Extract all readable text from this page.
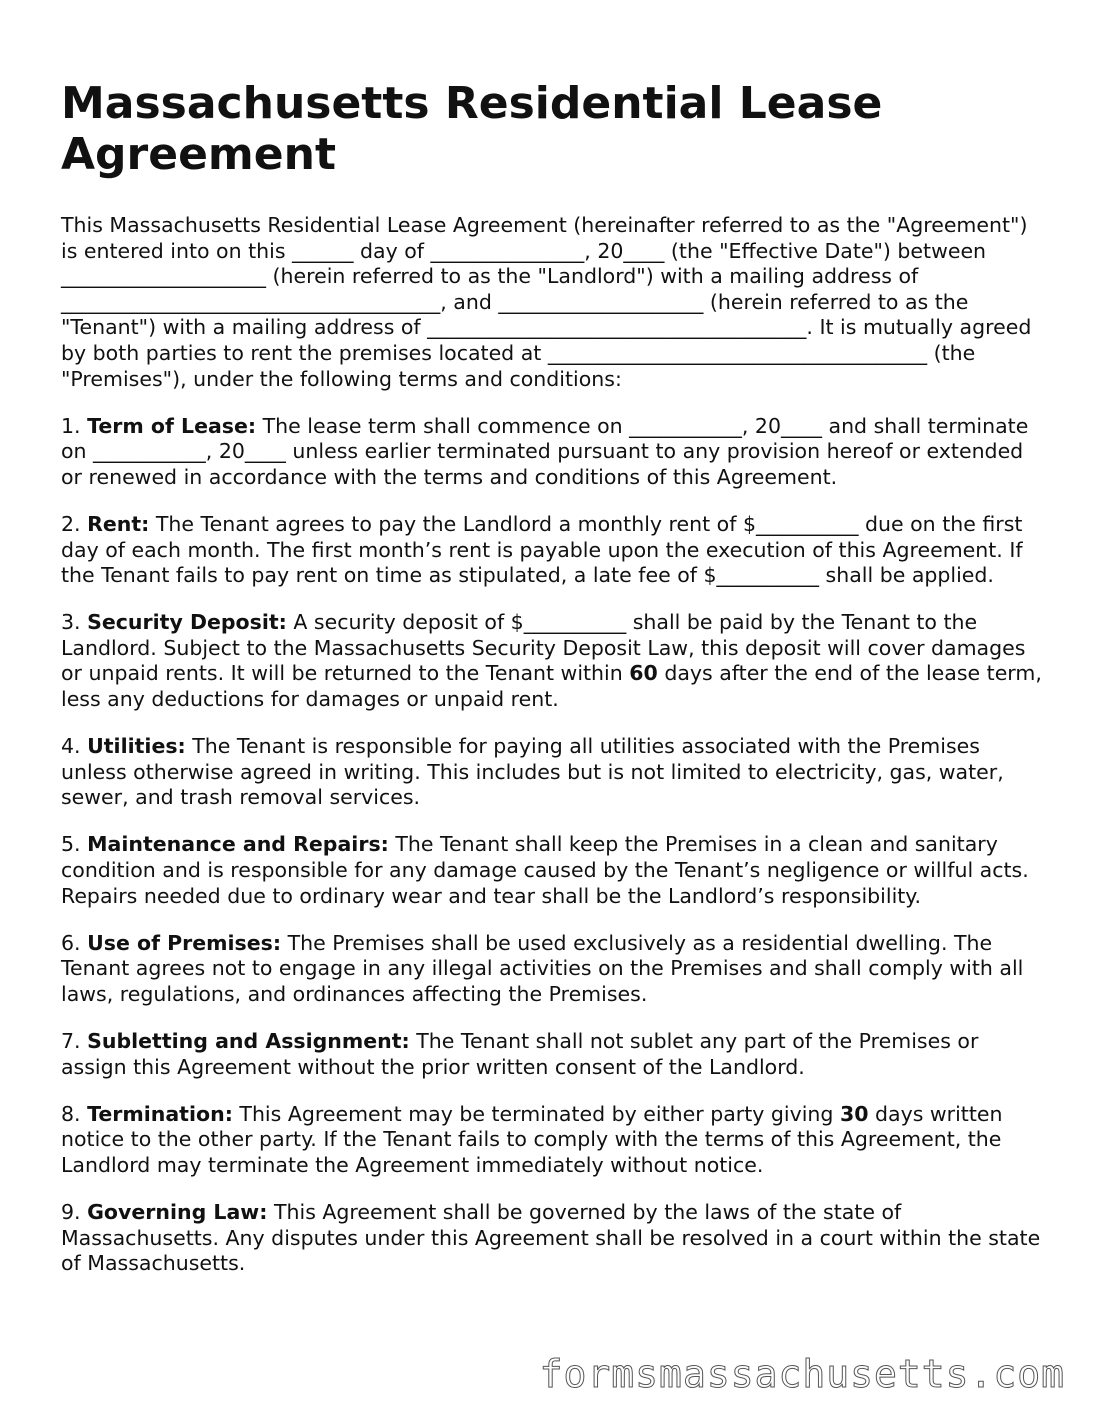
Massachusetts Residential Lease Agreement

This Massachusetts Residential Lease Agreement (hereinafter referred to as the "Agreement") is entered into on this ______ day of _______________, 20____ (the "Effective Date") between ____________________ (herein referred to as the "Landlord") with a mailing address of _____________________________________, and ____________________ (herein referred to as the "Tenant") with a mailing address of _____________________________________. It is mutually agreed by both parties to rent the premises located at _____________________________________ (the "Premises"), under the following terms and conditions:

1. Term of Lease: The lease term shall commence on ___________, 20____ and shall terminate on ___________, 20____ unless earlier terminated pursuant to any provision hereof or extended or renewed in accordance with the terms and conditions of this Agreement.

2. Rent: The Tenant agrees to pay the Landlord a monthly rent of $__________ due on the first day of each month. The first month’s rent is payable upon the execution of this Agreement. If the Tenant fails to pay rent on time as stipulated, a late fee of $__________ shall be applied.

3. Security Deposit: A security deposit of $__________ shall be paid by the Tenant to the Landlord. Subject to the Massachusetts Security Deposit Law, this deposit will cover damages or unpaid rents. It will be returned to the Tenant within 60 days after the end of the lease term, less any deductions for damages or unpaid rent.

4. Utilities: The Tenant is responsible for paying all utilities associated with the Premises unless otherwise agreed in writing. This includes but is not limited to electricity, gas, water, sewer, and trash removal services.

5. Maintenance and Repairs: The Tenant shall keep the Premises in a clean and sanitary condition and is responsible for any damage caused by the Tenant’s negligence or willful acts. Repairs needed due to ordinary wear and tear shall be the Landlord’s responsibility.

6. Use of Premises: The Premises shall be used exclusively as a residential dwelling. The Tenant agrees not to engage in any illegal activities on the Premises and shall comply with all laws, regulations, and ordinances affecting the Premises.

7. Subletting and Assignment: The Tenant shall not sublet any part of the Premises or assign this Agreement without the prior written consent of the Landlord.

8. Termination: This Agreement may be terminated by either party giving 30 days written notice to the other party. If the Tenant fails to comply with the terms of this Agreement, the Landlord may terminate the Agreement immediately without notice.

9. Governing Law: This Agreement shall be governed by the laws of the state of Massachusetts. Any disputes under this Agreement shall be resolved in a court within the state of Massachusetts.

formsmassachusetts.com
